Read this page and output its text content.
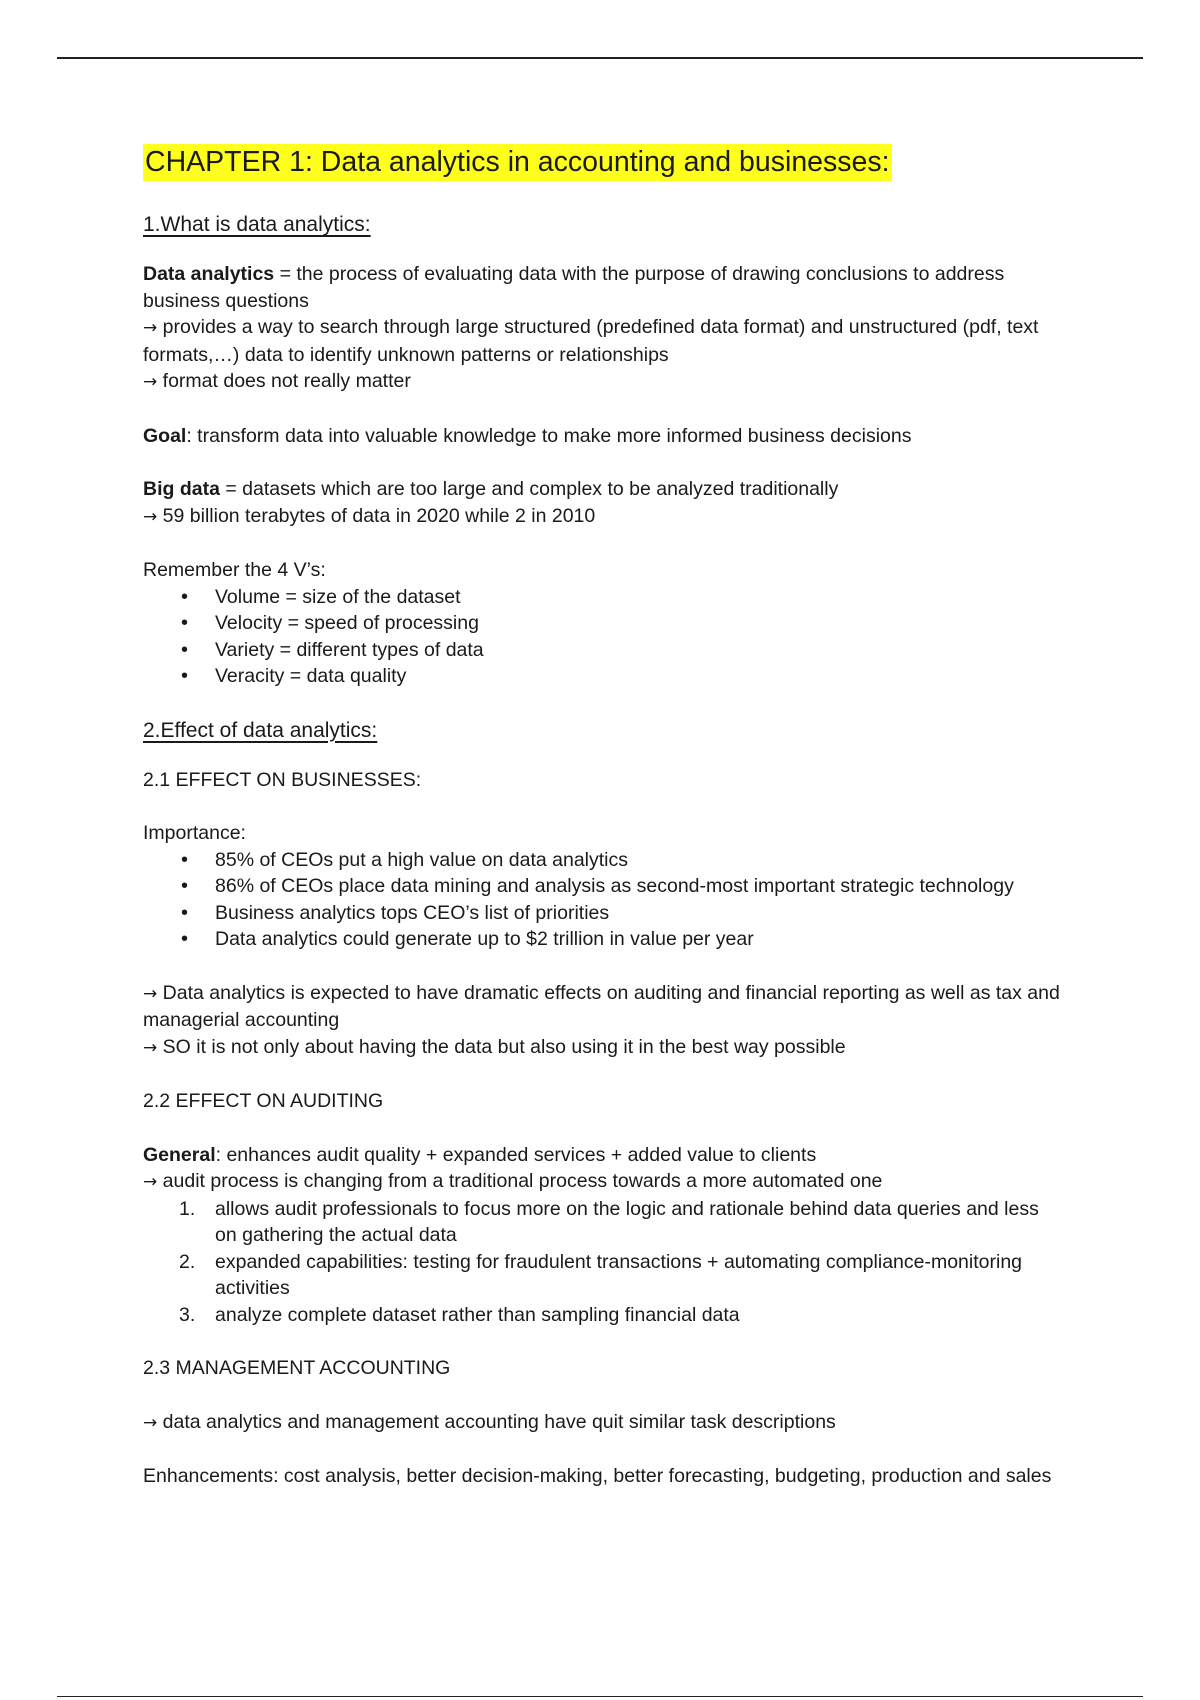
CHAPTER 1: Data analytics in accounting and businesses:
1.What is data analytics:

Data analytics = the process of evaluating data with the purpose of drawing conclusions to address business questions
→ provides a way to search through large structured (predefined data format) and unstructured (pdf, text formats,…) data to identify unknown patterns or relationships
→ format does not really matter

Goal: transform data into valuable knowledge to make more informed business decisions

Big data = datasets which are too large and complex to be analyzed traditionally
→ 59 billion terabytes of data in 2020 while 2 in 2010

Remember the 4 V’s:
• Volume = size of the dataset
• Velocity = speed of processing
• Variety = different types of data
• Veracity = data quality
2.Effect of data analytics:
2.1 EFFECT ON BUSINESSES:
Importance:
• 85% of CEOs put a high value on data analytics
• 86% of CEOs place data mining and analysis as second-most important strategic technology
• Business analytics tops CEO’s list of priorities
• Data analytics could generate up to $2 trillion in value per year

→ Data analytics is expected to have dramatic effects on auditing and financial reporting as well as tax and managerial accounting
→ SO it is not only about having the data but also using it in the best way possible

2.2 EFFECT ON AUDITING
General: enhances audit quality + expanded services + added value to clients
→ audit process is changing from a traditional process towards a more automated one
1. allows audit professionals to focus more on the logic and rationale behind data queries and less on gathering the actual data
2. expanded capabilities: testing for fraudulent transactions + automating compliance-monitoring activities
3. analyze complete dataset rather than sampling financial data
2.3 MANAGEMENT ACCOUNTING

→ data analytics and management accounting have quit similar task descriptions

Enhancements: cost analysis, better decision-making, better forecasting, budgeting, production and sales
